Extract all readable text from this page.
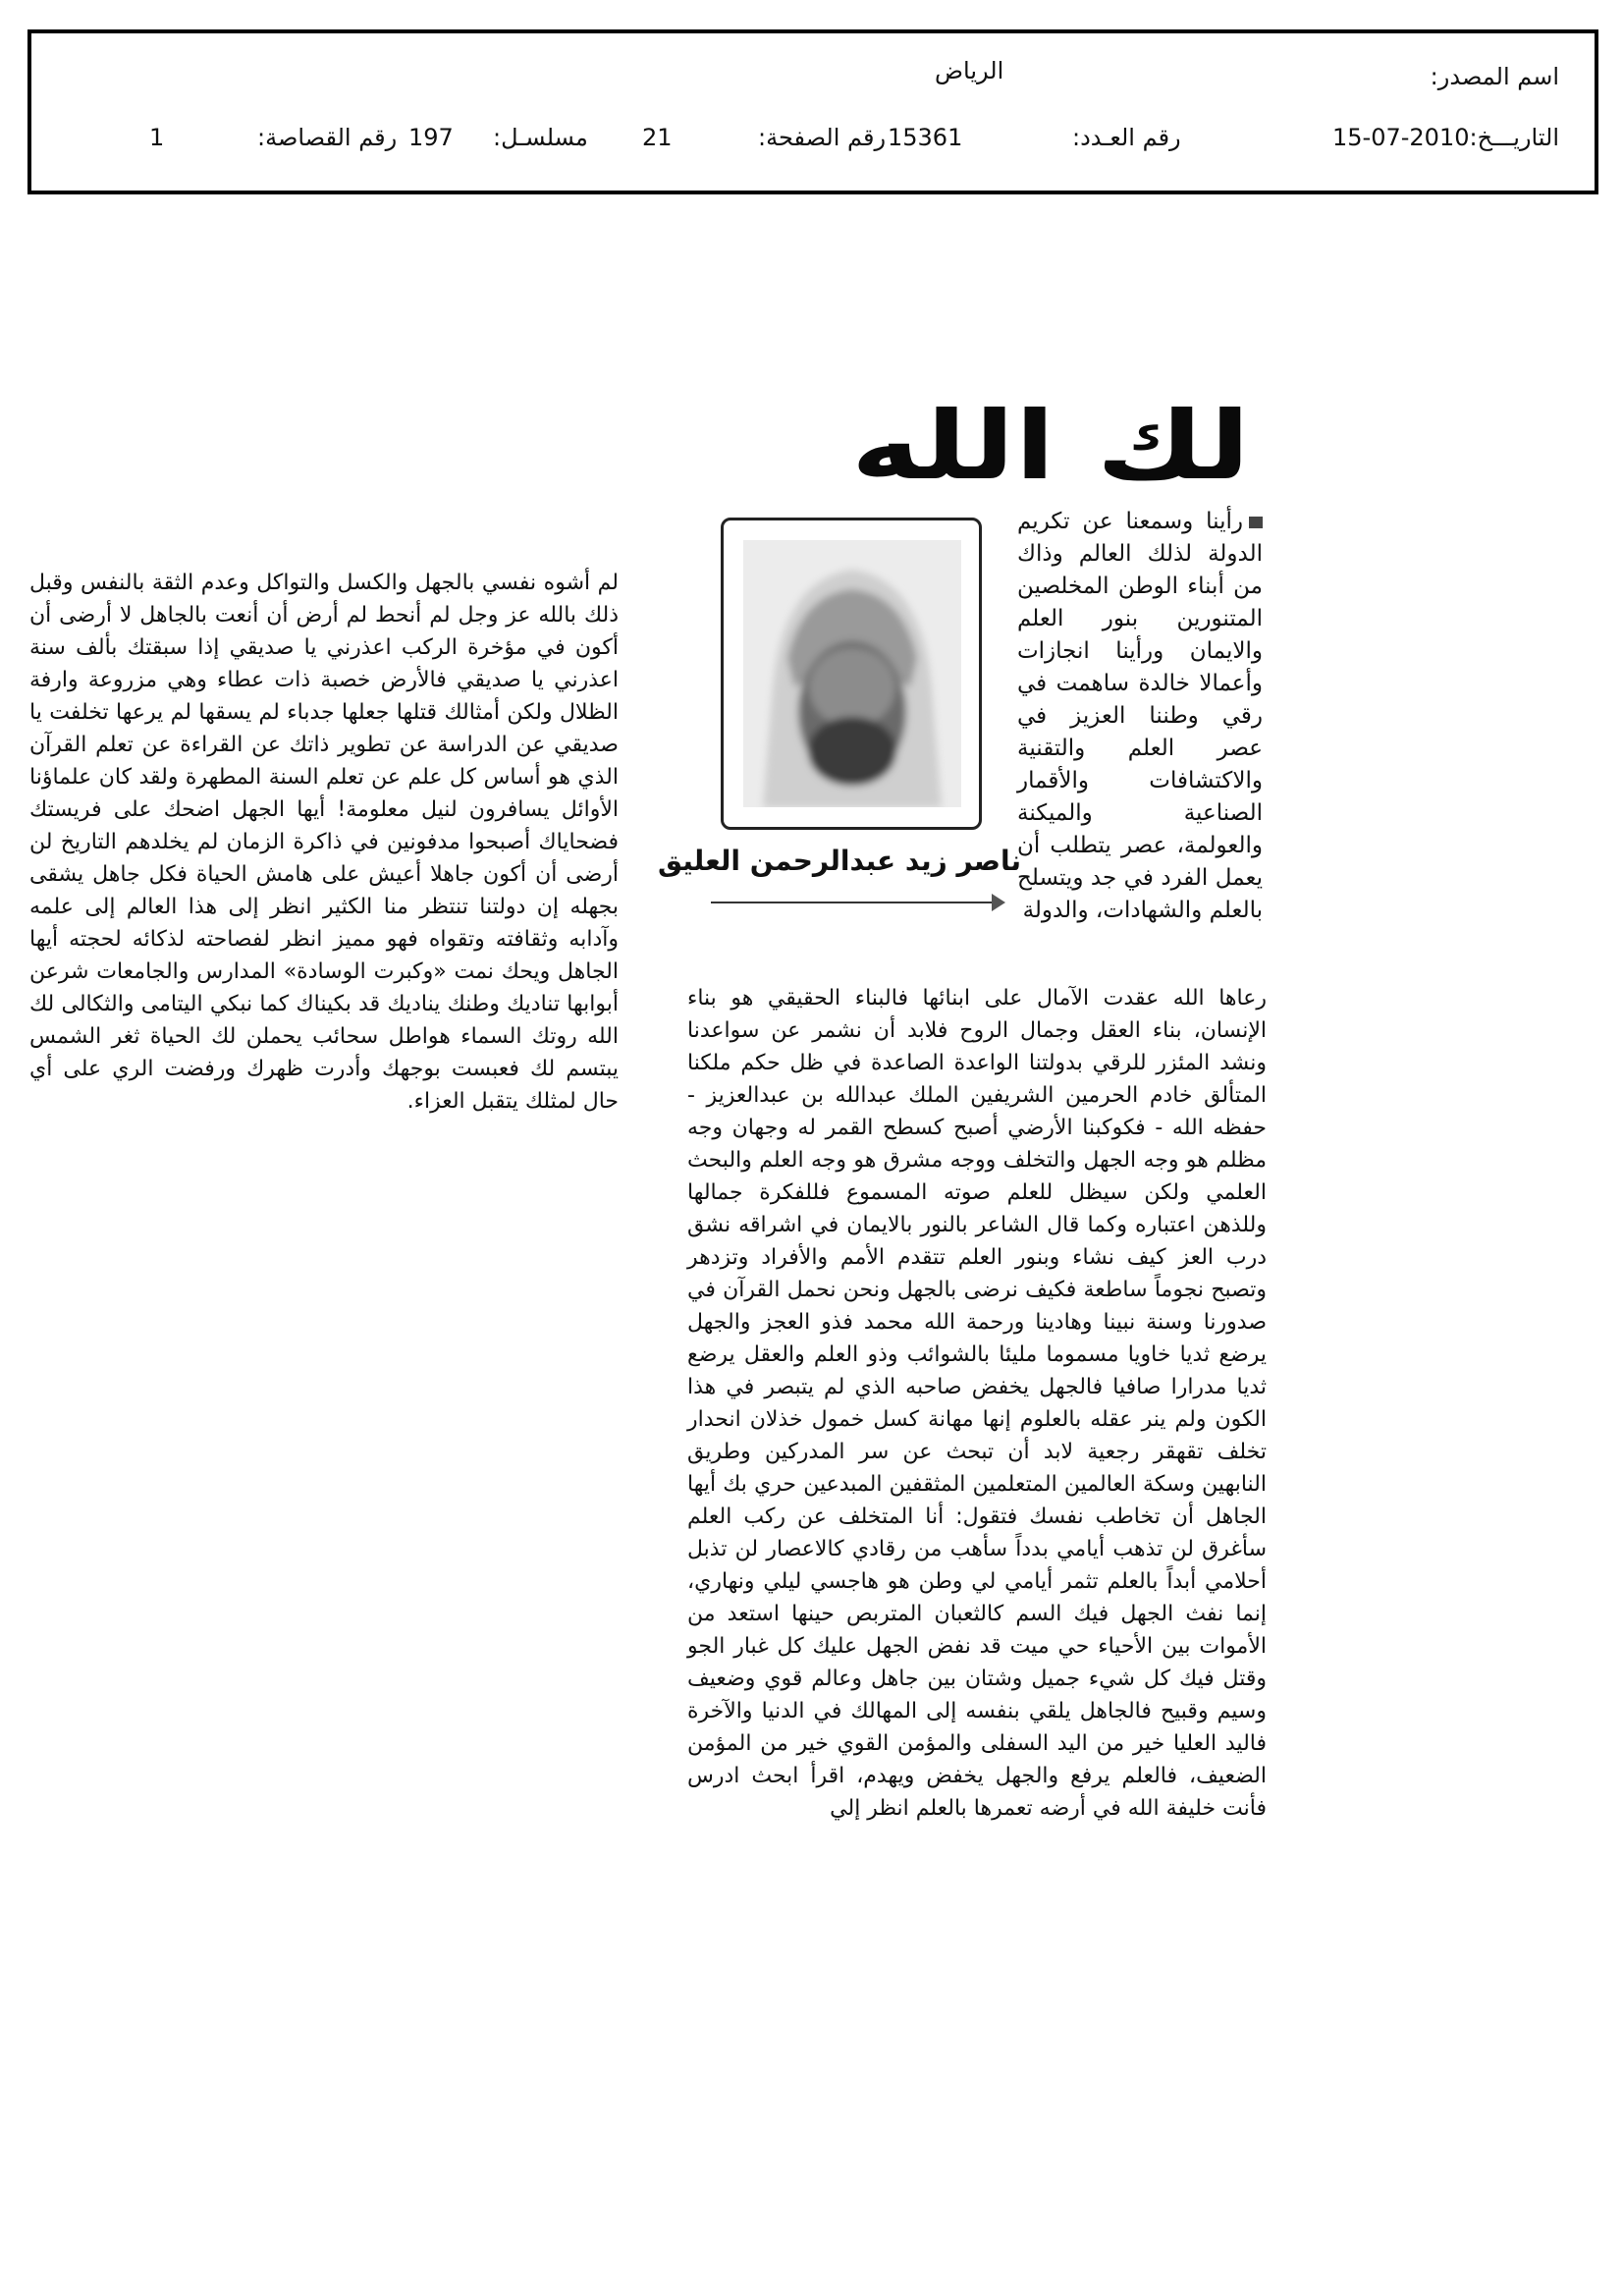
اسم المصدر:
الرياض
التاريـــخ:
15-07-2010
رقم العـدد:
15361
رقم الصفحة:
21
مسلسـل:
197
رقم القصاصة:
1
لك الله
ناصر زيد عبدالرحمن العليق
رأينا وسمعنا عن تكريم الدولة لذلك العالم وذاك من أبناء الوطن المخلصين المتنورين بنور العلم والايمان ورأينا انجازات وأعمالا خالدة ساهمت في رقي وطننا العزيز في عصر العلم والتقنية والاكتشافات والأقمار الصناعية والميكنة والعولمة، عصر يتطلب أن يعمل الفرد في جد ويتسلح بالعلم والشهادات، والدولة
رعاها الله عقدت الآمال على ابنائها فالبناء الحقيقي هو بناء الإنسان، بناء العقل وجمال الروح فلابد أن نشمر عن سواعدنا ونشد المئزر للرقي بدولتنا الواعدة الصاعدة في ظل حكم ملكنا المتألق خادم الحرمين الشريفين الملك عبدالله بن عبدالعزيز - حفظه الله - فكوكبنا الأرضي أصبح كسطح القمر له وجهان وجه مظلم هو وجه الجهل والتخلف ووجه مشرق هو وجه العلم والبحث العلمي ولكن سيظل للعلم صوته المسموع فللفكرة جمالها وللذهن اعتباره وكما قال الشاعر بالنور بالايمان في اشراقه نشق درب العز كيف نشاء وبنور العلم تتقدم الأمم والأفراد وتزدهر وتصبح نجوماً ساطعة فكيف نرضى بالجهل ونحن نحمل القرآن في صدورنا وسنة نبينا وهادينا ورحمة الله محمد فذو العجز والجهل يرضع ثديا خاويا مسموما مليئا بالشوائب وذو العلم والعقل يرضع ثديا مدرارا صافيا فالجهل يخفض صاحبه الذي لم يتبصر في هذا الكون ولم ينر عقله بالعلوم إنها مهانة كسل خمول خذلان انحدار تخلف تقهقر رجعية لابد أن تبحث عن سر المدركين وطريق النابهين وسكة العالمين المتعلمين المثقفين المبدعين حري بك أيها الجاهل أن تخاطب نفسك فتقول: أنا المتخلف عن ركب العلم سأغرق لن تذهب أيامي بدداً سأهب من رقادي كالاعصار لن تذبل أحلامي أبداً بالعلم تثمر أيامي لي وطن هو هاجسي ليلي ونهاري، إنما نفث الجهل فيك السم كالثعبان المتربص حينها استعد من الأموات بين الأحياء حي ميت قد نفض الجهل عليك كل غبار الجو وقتل فيك كل شيء جميل وشتان بين جاهل وعالم قوي وضعيف وسيم وقبيح فالجاهل يلقي بنفسه إلى المهالك في الدنيا والآخرة فاليد العليا خير من اليد السفلى والمؤمن القوي خير من المؤمن الضعيف، فالعلم يرفع والجهل يخفض ويهدم، اقرأ ابحث ادرس فأنت خليفة الله في أرضه تعمرها بالعلم انظر إلي
لم أشوه نفسي بالجهل والكسل والتواكل وعدم الثقة بالنفس وقبل ذلك بالله عز وجل لم أنحط لم أرض أن أنعت بالجاهل لا أرضى أن أكون في مؤخرة الركب اعذرني يا صديقي إذا سبقتك بألف سنة اعذرني يا صديقي فالأرض خصبة ذات عطاء وهي مزروعة وارفة الظلال ولكن أمثالك قتلها جعلها جدباء لم يسقها لم يرعها تخلفت يا صديقي عن الدراسة عن تطوير ذاتك عن القراءة عن تعلم القرآن الذي هو أساس كل علم عن تعلم السنة المطهرة ولقد كان علماؤنا الأوائل يسافرون لنيل معلومة! أيها الجهل اضحك على فريستك فضحاياك أصبحوا مدفونين في ذاكرة الزمان لم يخلدهم التاريخ لن أرضى أن أكون جاهلا أعيش على هامش الحياة فكل جاهل يشقى بجهله إن دولتنا تنتظر منا الكثير انظر إلى هذا العالم إلى علمه وآدابه وثقافته وتقواه فهو مميز انظر لفصاحته لذكائه لحجته أيها الجاهل ويحك نمت «وكبرت الوسادة» المدارس والجامعات شرعن أبوابها تناديك وطنك يناديك قد بكيناك كما نبكي اليتامى والثكالى لك الله روتك السماء هواطل سحائب يحملن لك الحياة ثغر الشمس يبتسم لك فعبست بوجهك وأدرت ظهرك ورفضت الري على أي حال لمثلك يتقبل العزاء.
